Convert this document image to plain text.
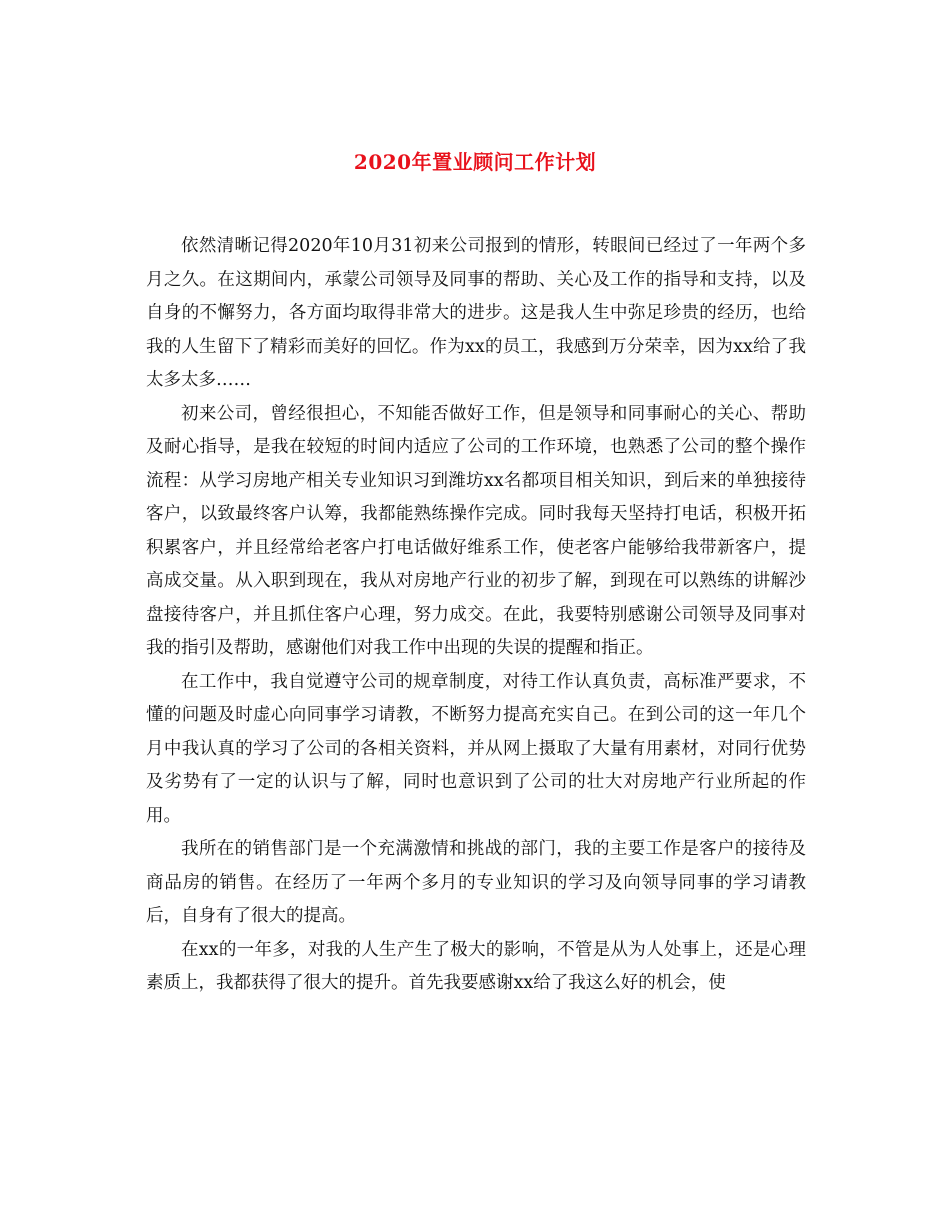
2020年置业顾问工作计划

依然清晰记得2020年10月31初来公司报到的情形，转眼间已经过了一年两个多月之久。在这期间内，承蒙公司领导及同事的帮助、关心及工作的指导和支持，以及自身的不懈努力，各方面均取得非常大的进步。这是我人生中弥足珍贵的经历，也给我的人生留下了精彩而美好的回忆。作为xx的员工，我感到万分荣幸，因为xx给了我太多太多……

初来公司，曾经很担心，不知能否做好工作，但是领导和同事耐心的关心、帮助及耐心指导，是我在较短的时间内适应了公司的工作环境，也熟悉了公司的整个操作流程：从学习房地产相关专业知识习到潍坊xx名都项目相关知识，到后来的单独接待客户，以致最终客户认筹，我都能熟练操作完成。同时我每天坚持打电话，积极开拓积累客户，并且经常给老客户打电话做好维系工作，使老客户能够给我带新客户，提高成交量。从入职到现在，我从对房地产行业的初步了解，到现在可以熟练的讲解沙盘接待客户，并且抓住客户心理，努力成交。在此，我要特别感谢公司领导及同事对我的指引及帮助，感谢他们对我工作中出现的失误的提醒和指正。

在工作中，我自觉遵守公司的规章制度，对待工作认真负责，高标准严要求，不懂的问题及时虚心向同事学习请教，不断努力提高充实自己。在到公司的这一年几个月中我认真的学习了公司的各相关资料，并从网上摄取了大量有用素材，对同行优势及劣势有了一定的认识与了解，同时也意识到了公司的壮大对房地产行业所起的作用。

我所在的销售部门是一个充满激情和挑战的部门，我的主要工作是客户的接待及商品房的销售。在经历了一年两个多月的专业知识的学习及向领导同事的学习请教后，自身有了很大的提高。

在xx的一年多，对我的人生产生了极大的影响，不管是从为人处事上，还是心理素质上，我都获得了很大的提升。首先我要感谢xx给了我这么好的机会，使
